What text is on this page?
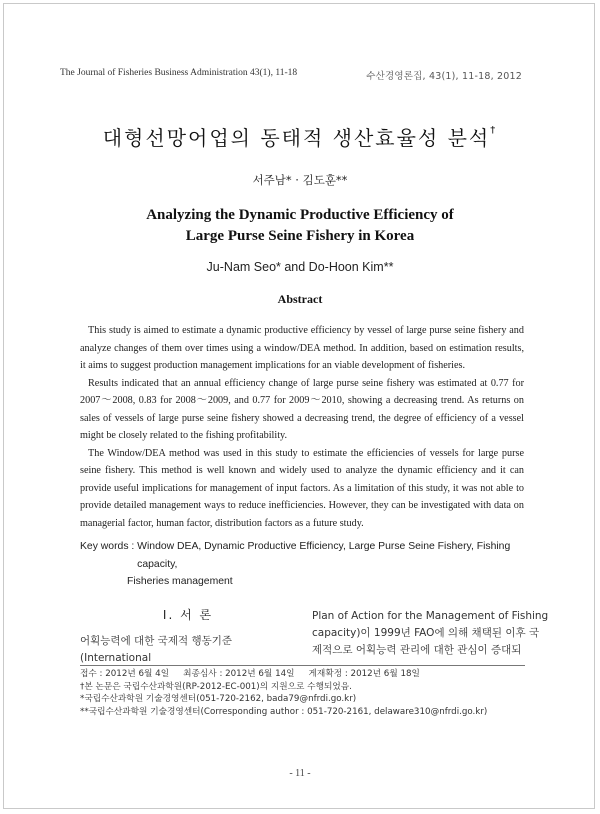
The Journal of Fisheries Business Administration 43(1), 11-18	수산경영론집, 43(1), 11-18, 2012
대형선망어업의 동태적 생산효율성 분석†
서주남* · 김도훈**
Analyzing the Dynamic Productive Efficiency of
Large Purse Seine Fishery in Korea
Ju-Nam Seo* and Do-Hoon Kim**
Abstract

This study is aimed to estimate a dynamic productive efficiency by vessel of large purse seine fishery and analyze changes of them over times using a window/DEA method. In addition, based on estimation results, it aims to suggest production management implications for an viable development of fisheries.

Results indicated that an annual efficiency change of large purse seine fishery was estimated at 0.77 for 2007～2008, 0.83 for 2008～2009, and 0.77 for 2009～2010, showing a decreasing trend. As returns on sales of vessels of large purse seine fishery showed a decreasing trend, the degree of efficiency of a vessel might be closely related to the fishing profitability.

The Window/DEA method was used in this study to estimate the efficiencies of vessels for large purse seine fishery. This method is well known and widely used to analyze the dynamic efficiency and it can provide useful implications for management of input factors. As a limitation of this study, it was not able to provide detailed management ways to reduce inefficiencies. However, they can be investigated with data on managerial factor, human factor, distribution factors as a future study.

Key words : Window DEA, Dynamic Productive Efficiency, Large Purse Seine Fishery, Fishing capacity,
Fisheries management
Ⅰ. 서 론
어획능력에 대한 국제적 행동기준(International
Plan of Action for the Management of Fishing
capacity)이 1999년 FAO에 의해 채택된 이후 국
제적으로 어획능력 관리에 대한 관심이 증대되
접수 : 2012년 6월 4일 최종심사 : 2012년 6월 14일 게재확정 : 2012년 6월 18일
†본 논문은 국립수산과학원(RP-2012-EC-001)의 지원으로 수행되었음.
*국립수산과학원 기술경영센터(051-720-2162, bada79@nfrdi.go.kr)
**국립수산과학원 기술경영센터(Corresponding author : 051-720-2161, delaware310@nfrdi.go.kr)
- 11 -
